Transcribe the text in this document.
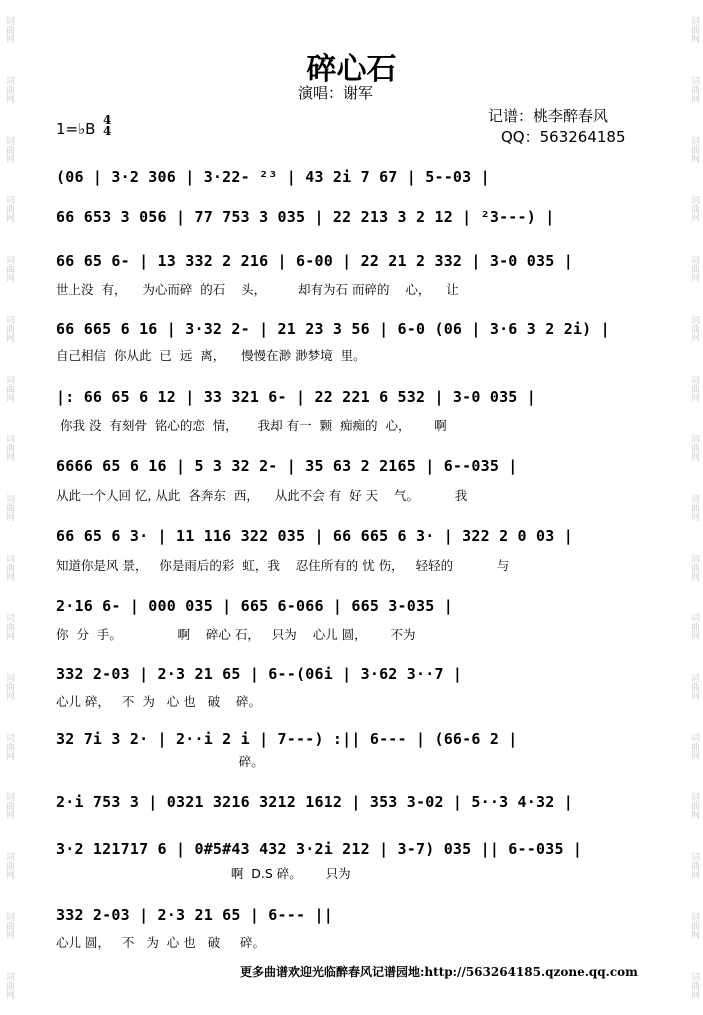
词曲网
词曲网
词曲网
词曲网
词曲网
词曲网
词曲网
词曲网
词曲网
词曲网
词曲网
词曲网
词曲网
词曲网
词曲网
词曲网
词曲网
词曲网
词曲网
词曲网
词曲网
词曲网
词曲网
词曲网
词曲网
词曲网
词曲网
词曲网
词曲网
词曲网
词曲网
词曲网
词曲网
词曲网
碎心石
演唱：谢军
1=♭B 4
4
记谱：桃李醉春风
QQ：563264185
(06 | 3·2 306 | 3·22- ²³ | 43 2i 7 67 | 5--03 |
66 653 3 056 | 77 753 3 035 | 22 213 3 2 12 | ²3---) |
66 65 6- | 13 332 2 216 | 6-00 | 22 21 2 332 | 3-0 035 |
世上没  有，    为心而碎  的石    头，        却有为石 而碎的    心，    让
66 665 6 16 | 3·32 2- | 21 23 3 56 | 6-0 (06 | 3·6 3 2 2i) |
自己相信  你从此  已  远  离，    慢慢在渺 渺梦境  里。
|: 66 65 6 12 | 33 321 6- | 22 221 6 532 | 3-0 035 |
你我 没  有刻骨  铭心的恋  情，     我却 有一  颗  痴痴的  心，      啊
6666 65 6 16 | 5 3 32 2- | 35 63 2 2165 | 6--035 |
从此一个人回 忆, 从此  各奔东  西，    从此不会 有  好 天    气。         我
66 65 6 3· | 11 116 322 035 | 66 665 6 3· | 322 2 0 03 |
知道你是风 景，   你是雨后的彩  虹，我    忍住所有的 忧 伤，   轻轻的           与
2·16 6- | 000 035 | 665 6-066 | 665 3-035 |
你  分  手。              啊    碎心 石，   只为    心儿 圆，      不为
332 2-03 | 2·3 21 65 | 6--(06i | 3·62 3··7 |
心儿 碎，   不  为   心 也   破    碎。
32 7i 3 2· | 2··i 2 i | 7---) :|| 6--- | (66-6 2 |
碎。
2·i 753 3 | 0321 3216 3212 1612 | 353 3-02 | 5··3 4·32 |
3·2 121717 6 | 0#5#43 432 3·2i 212 | 3-7) 035 || 6--035 |
啊  D.S 碎。      只为
332 2-03 | 2·3 21 65 | 6--- ||
心儿 圆，   不   为  心 也   破     碎。
更多曲谱欢迎光临醉春风记谱园地:http://563264185.qzone.qq.com
